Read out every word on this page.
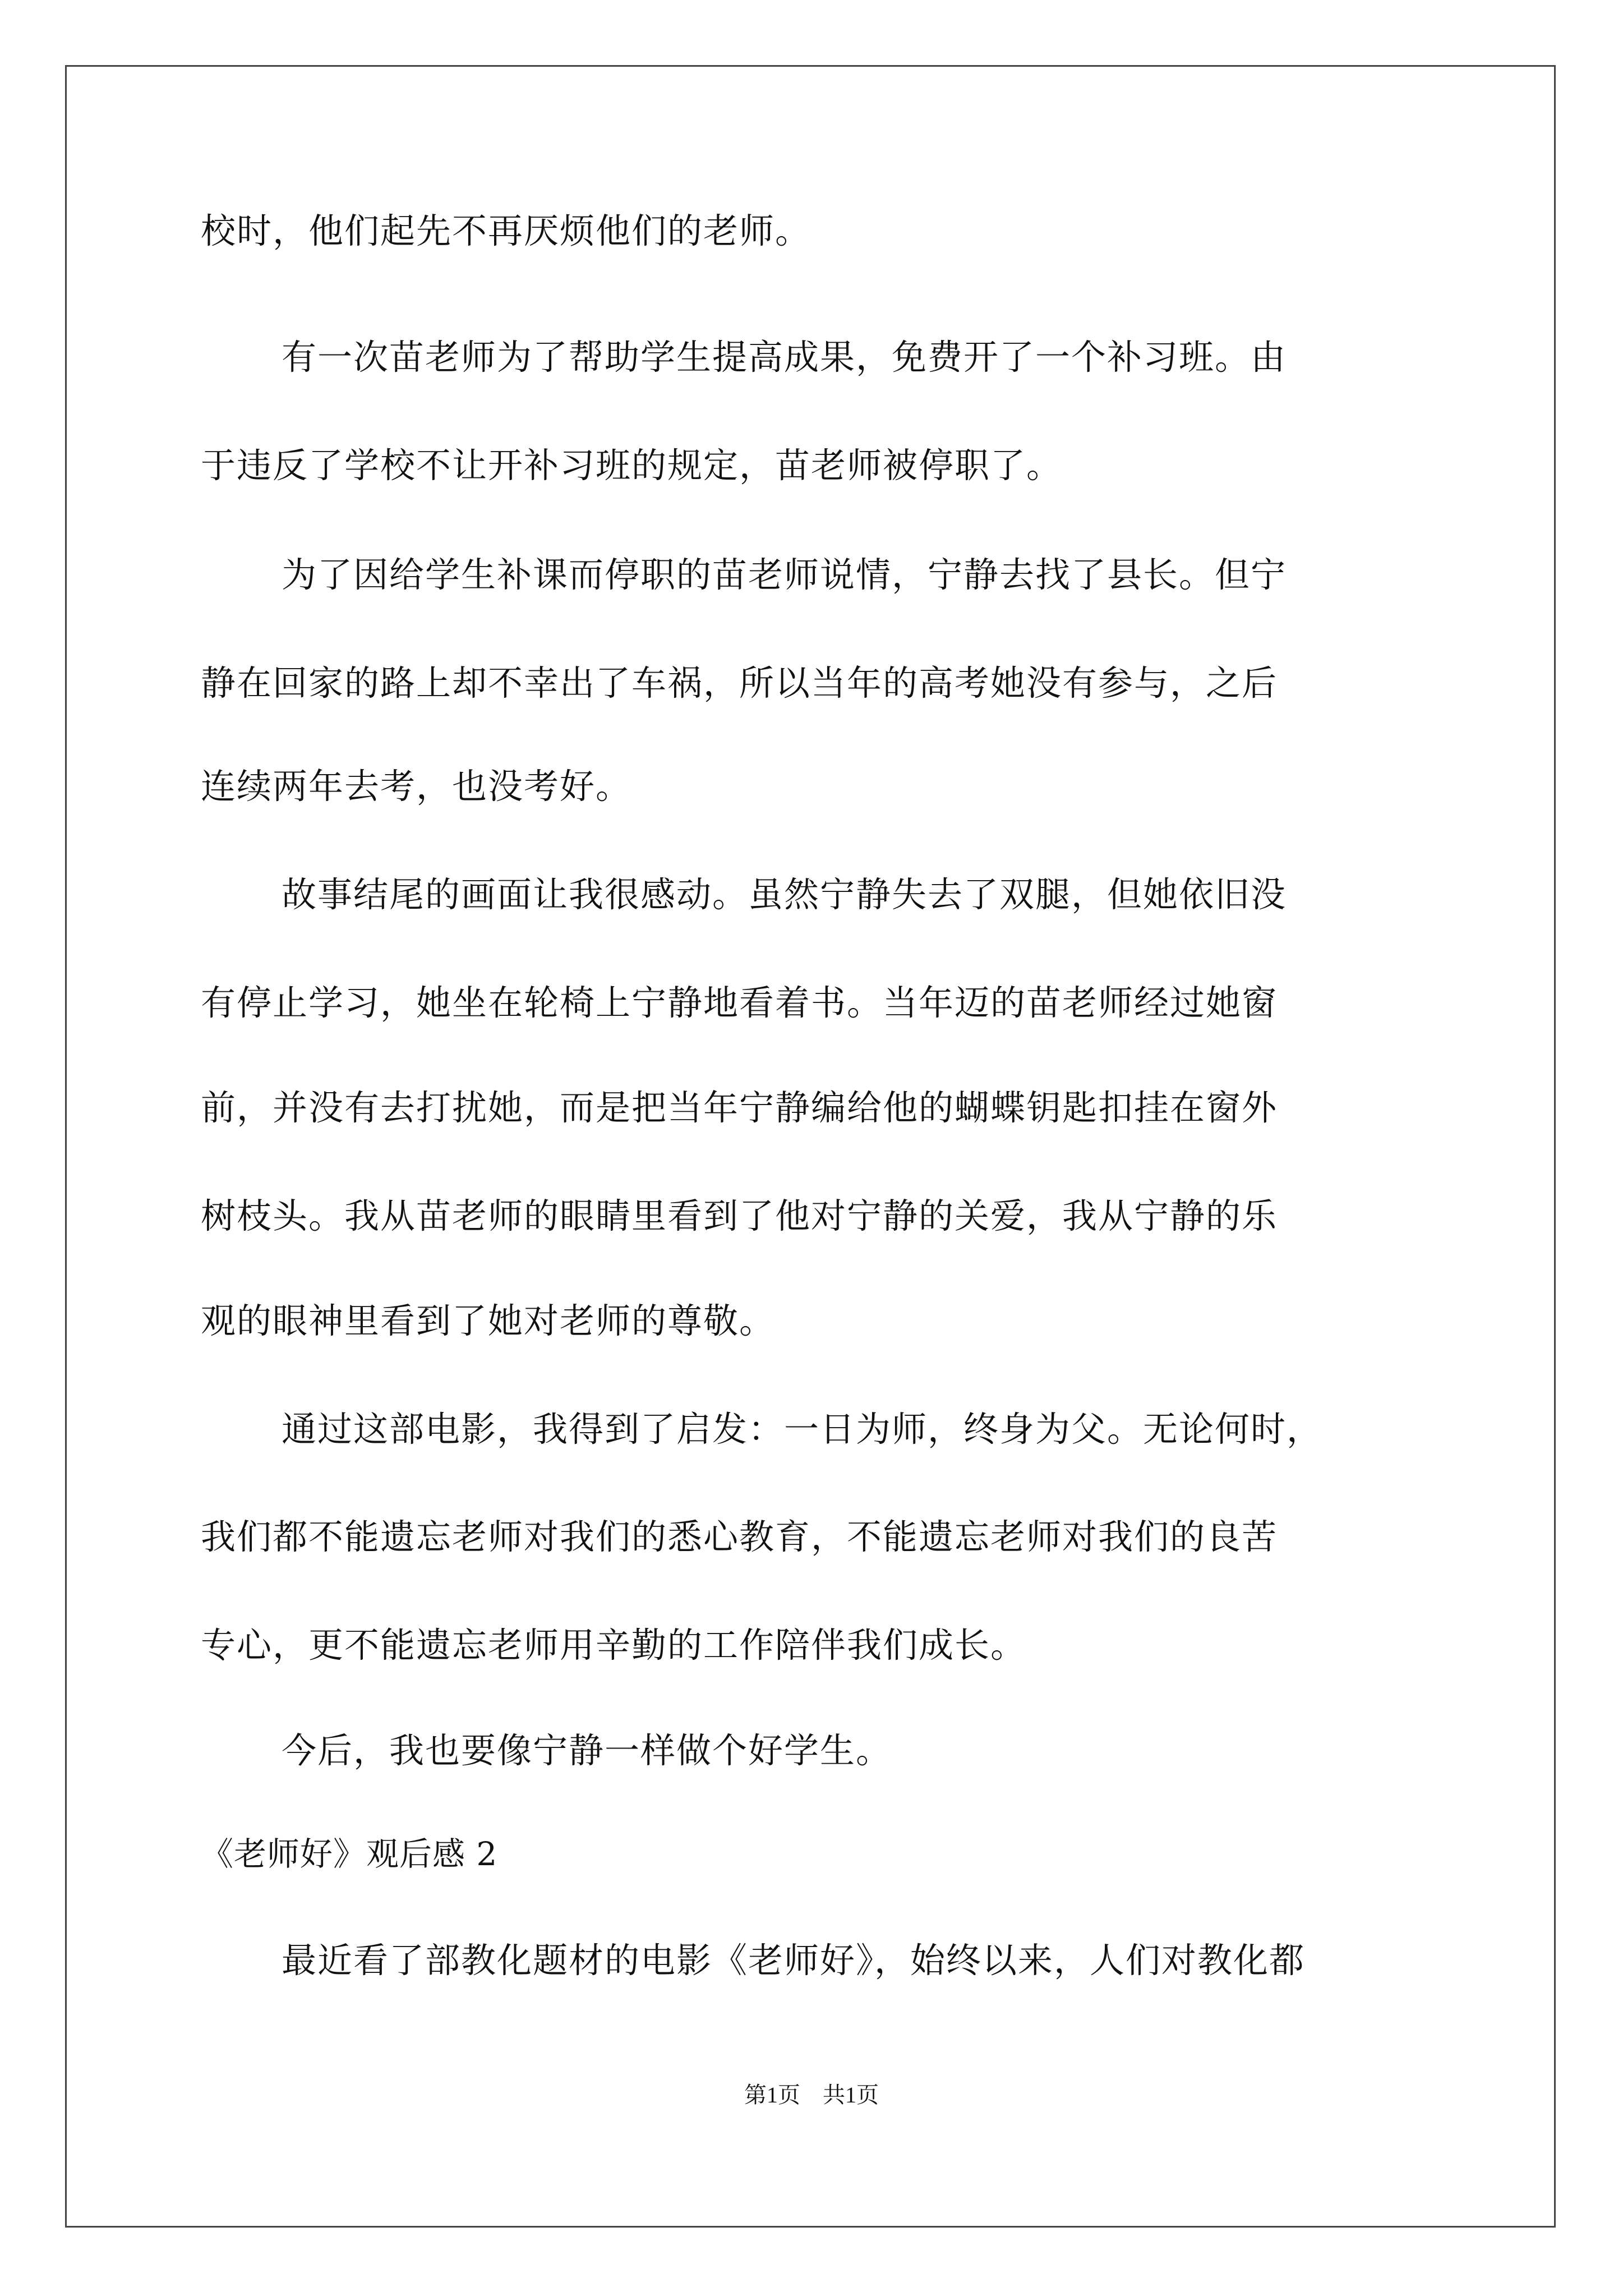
校时，他们起先不再厌烦他们的老师。
有一次苗老师为了帮助学生提高成果，免费开了一个补习班。由
于违反了学校不让开补习班的规定，苗老师被停职了。
为了因给学生补课而停职的苗老师说情，宁静去找了县长。但宁
静在回家的路上却不幸出了车祸，所以当年的高考她没有参与，之后
连续两年去考，也没考好。
故事结尾的画面让我很感动。虽然宁静失去了双腿，但她依旧没
有停止学习，她坐在轮椅上宁静地看着书。当年迈的苗老师经过她窗
前，并没有去打扰她，而是把当年宁静编给他的蝴蝶钥匙扣挂在窗外
树枝头。我从苗老师的眼睛里看到了他对宁静的关爱，我从宁静的乐
观的眼神里看到了她对老师的尊敬。
通过这部电影，我得到了启发：一日为师，终身为父。无论何时，
我们都不能遗忘老师对我们的悉心教育，不能遗忘老师对我们的良苦
专心，更不能遗忘老师用辛勤的工作陪伴我们成长。
今后，我也要像宁静一样做个好学生。
《老师好》观后感 2
最近看了部教化题材的电影《老师好》，始终以来，人们对教化都
第1页 共1页
